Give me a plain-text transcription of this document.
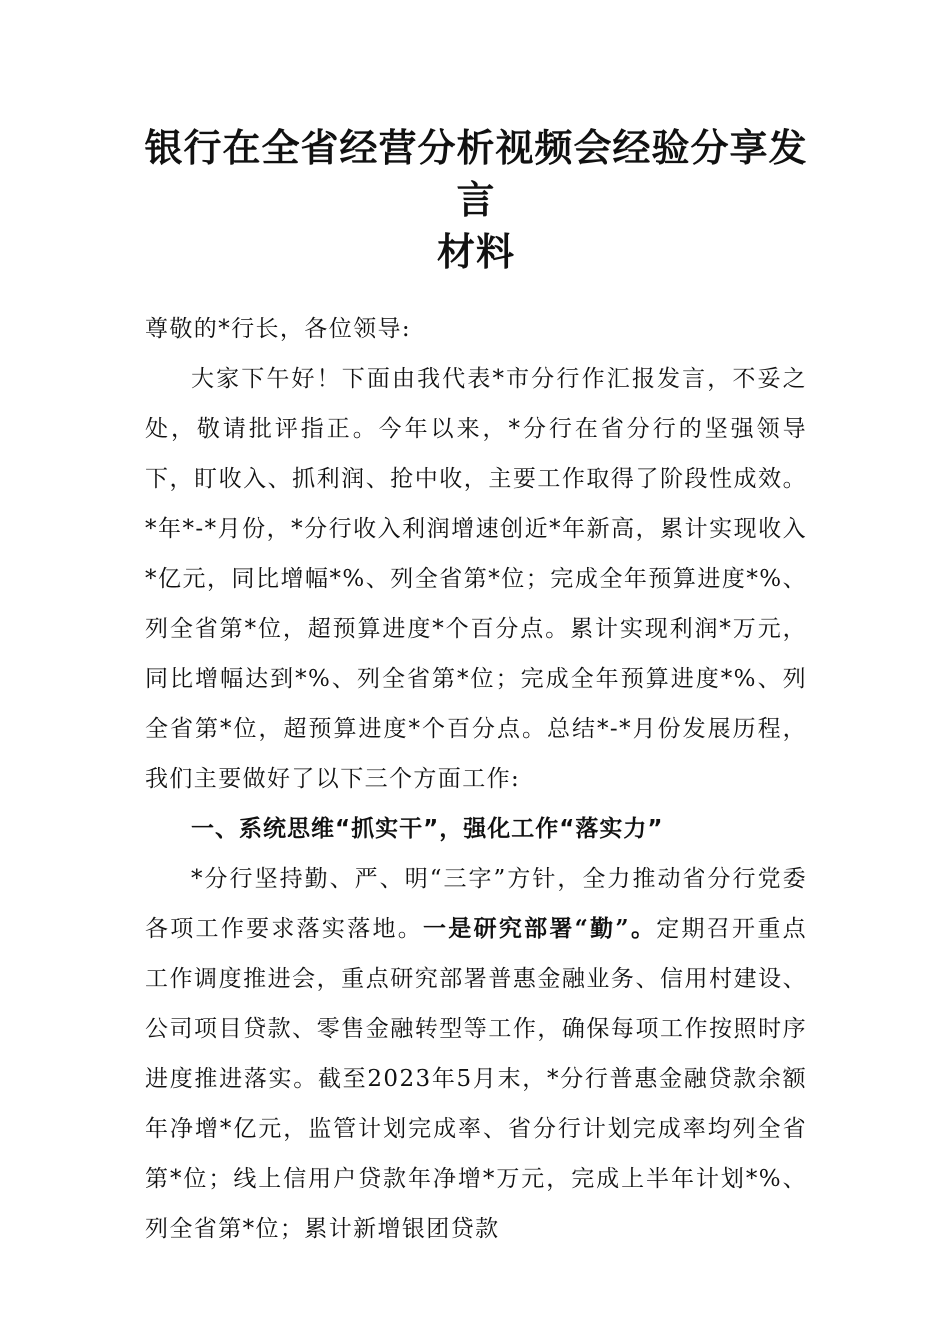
银行在全省经营分析视频会经验分享发言
材料

尊敬的*行长，各位领导:

大家下午好！下面由我代表*市分行作汇报发言，不妥之处，敬请批评指正。今年以来，*分行在省分行的坚强领导下，盯收入、抓利润、抢中收，主要工作取得了阶段性成效。*年*-*月份，*分行收入利润增速创近*年新高，累计实现收入*亿元，同比增幅*%、列全省第*位；完成全年预算进度*%、列全省第*位，超预算进度*个百分点。累计实现利润*万元，同比增幅达到*%、列全省第*位；完成全年预算进度*%、列全省第*位，超预算进度*个百分点。总结*-*月份发展历程，我们主要做好了以下三个方面工作:

一、系统思维“抓实干”，强化工作“落实力”

*分行坚持勤、严、明“三字”方针，全力推动省分行党委各项工作要求落实落地。一是研究部署“勤”。定期召开重点工作调度推进会，重点研究部署普惠金融业务、信用村建设、公司项目贷款、零售金融转型等工作，确保每项工作按照时序进度推进落实。截至2023年5月末，*分行普惠金融贷款余额年净增*亿元，监管计划完成率、省分行计划完成率均列全省第*位；线上信用户贷款年净增*万元，完成上半年计划*%、列全省第*位；累计新增银团贷款
